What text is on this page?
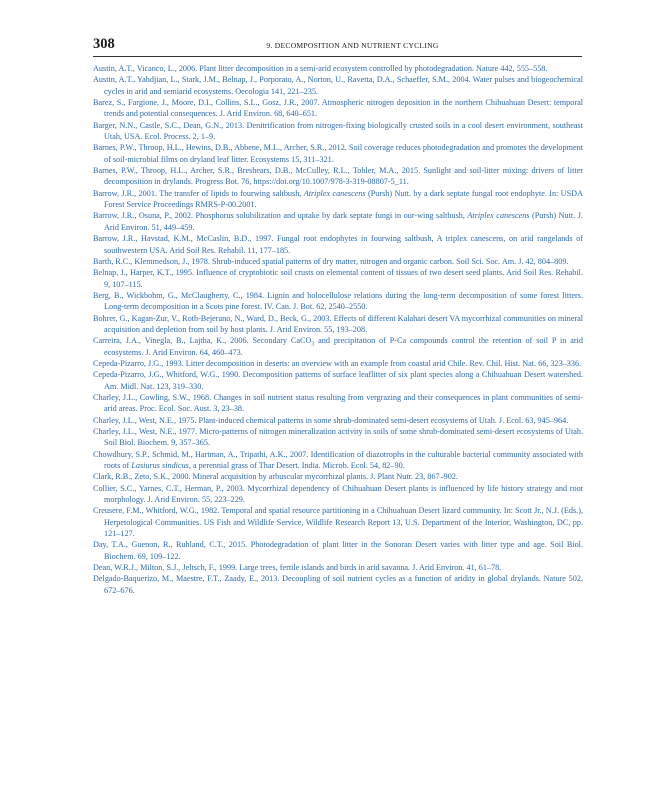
308	9. DECOMPOSITION AND NUTRIENT CYCLING
Austin, A.T., Vicanco, L., 2006. Plant litter decomposition in a semi-arid ecosystem controlled by photodegradation. Nature 442, 555–558.
Austin, A.T., Yahdjian, L., Stark, J.M., Belnap, J., Porporato, A., Norton, U., Ravetta, D.A., Schaeffer, S.M., 2004. Water pulses and biogeochemical cycles in arid and semiarid ecosystems. Oecologia 141, 221–235.
Barez, S., Fargione, J., Moore, D.I., Collins, S.L., Gosz, J.R., 2007. Atmospheric nitrogen deposition in the northern Chihuahuan Desert: temporal trends and potential consequences. J. Arid Environ. 68, 640–651.
Barger, N.N., Castle, S.C., Dean, G.N., 2013. Denitrification from nitrogen-fixing biologically crusted soils in a cool desert environment, southeast Utah, USA. Ecol. Process. 2, 1–9.
Barnes, P.W., Throop, H.L., Hewins, D.B., Abbene, M.L., Archer, S.R., 2012. Soil coverage reduces photodegradation and promotes the development of soil-microbial films on dryland leaf litter. Ecosystems 15, 311–321.
Barnes, P.W., Throop, H.L., Archer, S.R., Breshears, D.B., McCulley, R.L., Tobler, M.A., 2015. Sunlight and soil-litter mixing: drivers of litter decomposition in drylands. Progress Bot. 76, https://doi.org/10.1007/978-3-319-08807-5_11.
Barrow, J.R., 2001. The transfer of lipids to fourwing saltbush, Atriplex canescens (Pursh) Nutt. by a dark septate fungal root endophyte. In: USDA Forest Service Proceedings RMRS-P-00.2001.
Barrow, J.R., Osuna, P., 2002. Phosphorus solubilization and uptake by dark septate fungi in our-wing saltbush, Atriplex canescens (Pursh) Nutt. J. Arid Environ. 51, 449–459.
Barrow, J.R., Havstad, K.M., McCaslin, B.D., 1997. Fungal root endophytes in fourwing saltbush, A triplex canescens, on arid rangelands of southwestern USA. Arid Soil Res. Rehabil. 11, 177–185.
Barth, R.C., Klemmedson, J., 1978. Shrub-induced spatial patterns of dry matter, nitrogen and organic carbon. Soil Sci. Soc. Am. J. 42, 804–809.
Belnap, J., Harper, K.T., 1995. Influence of cryptobiotic soil crusts on elemental content of tissues of two desert seed plants. Arid Soil Res. Rehabil. 9, 107–115.
Berg, B., Wickbohm, G., McClaugherty, C., 1984. Lignin and holocellulose relations during the long-term decomposition of some forest litters. Long-term decomposition in a Scots pine forest. IV. Can. J. Bot. 62, 2540–2550.
Bohrer, G., Kagan-Zur, V., Roth-Bejerano, N., Ward, D., Beck, G., 2003. Effects of different Kalahari desert VA mycorrhizal communities on mineral acquisition and depletion from soil by host plants. J. Arid Environ. 55, 193–208.
Carreira, J.A., Vinegla, B., Lajtha, K., 2006. Secondary CaCO$_3$ and precipitation of P-Ca compounds control the retention of soil P in arid ecosystems. J. Arid Environ. 64, 460–473.
Cepeda-Pizarro, J.G., 1993. Litter decomposition in deserts: an overview with an example from coastal arid Chile. Rev. Chil. Hist. Nat. 66, 323–336.
Cepeda-Pizarro, J.G., Whitford, W.G., 1990. Decomposition patterns of surface leaflitter of six plant species along a Chihuahuan Desert watershed. Am. Midl. Nat. 123, 319–330.
Charley, J.L., Cowling, S.W., 1968. Changes in soil nutrient status resulting from vergrazing and their consequences in plant communities of semi-arid areas. Proc. Ecol. Soc. Aust. 3, 23–38.
Charley, J.L., West, N.E., 1975. Plant-induced chemical patterns in some shrub-dominated semi-desert ecosystems of Utah. J. Ecol. 63, 945–964.
Charley, J.L., West, N.E., 1977. Micro-patterns of nitrogen mineralization activity in soils of some shrub-dominated semi-desert ecosystems of Utah. Soil Biol. Biochem. 9, 357–365.
Chowdhury, S.P., Schmid, M., Hartman, A., Tripathi, A.K., 2007. Identification of diazotrophs in the culturable bacterial community associated with roots of Lasiurus sindicus, a perennial grass of Thar Desert. India. Microb. Ecol. 54, 82–90.
Clark, R.B., Zeto, S.K., 2000. Mineral acquisition by arbuscular mycorrhizal plants. J. Plant Nutr. 23, 867–902.
Collier, S.C., Yarnes, C.T., Herman, P., 2003. Mycorrhizal dependency of Chihuahuan Desert plants is influenced by life history strategy and root morphology. J. Arid Environ. 55, 223–229.
Creusere, F.M., Whitford, W.G., 1982. Temporal and spatial resource partitioning in a Chihuahuan Desert lizard community. In: Scott Jr., N.J. (Eds.), Herpetological Communities. US Fish and Wildlife Service, Wildlife Research Report 13, U.S. Department of the Interior, Washington, DC, pp. 121–127.
Day, T.A., Guenon, R., Ruhland, C.T., 2015. Photodegradation of plant litter in the Sonoran Desert varies with litter type and age. Soil Biol. Biochem. 69, 109–122.
Dean, W.R.J., Milton, S.J., Jeltsch, F., 1999. Large trees, fertile islands and birds in arid savanna. J. Arid Environ. 41, 61–78.
Delgado-Baquerizo, M., Maestre, F.T., Zaady, E., 2013. Decoupling of soil nutrient cycles as a function of aridity in global drylands. Nature 502, 672–676.
